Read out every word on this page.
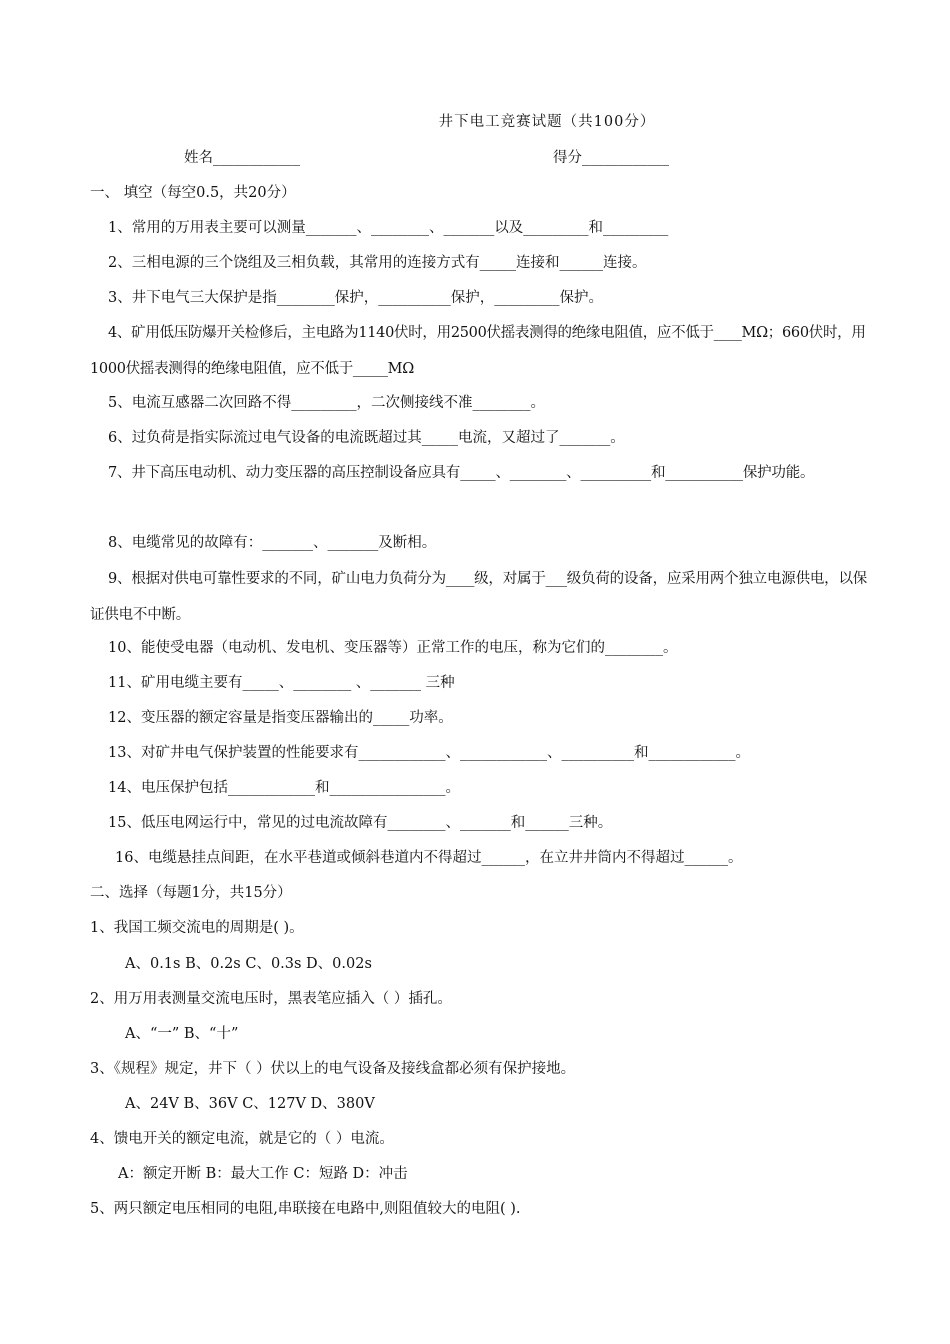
井下电工竞赛试题（共100分）
姓名____________	得分____________
一、 填空（每空0.5，共20分）
1、常用的万用表主要可以测量_______、________、_______以及_________和_________
2、三相电源的三个饶组及三相负载，其常用的连接方式有_____连接和______连接。
3、井下电气三大保护是指________保护，__________保护，_________保护。
4、矿用低压防爆开关检修后，主电路为1140伏时，用2500伏摇表测得的绝缘电阻值，应不低于____MΩ；660伏时，用1000伏摇表测得的绝缘电阻值，应不低于_____MΩ
5、电流互感器二次回路不得_________，二次侧接线不准________。
6、过负荷是指实际流过电气设备的电流既超过其_____电流，又超过了_______。
7、井下高压电动机、动力变压器的高压控制设备应具有_____、________、__________和___________保护功能。
8、电缆常见的故障有：_______、_______及断相。
9、根据对供电可靠性要求的不同，矿山电力负荷分为____级，对属于___级负荷的设备，应采用两个独立电源供电，以保证供电不中断。
10、能使受电器（电动机、发电机、变压器等）正常工作的电压，称为它们的________。
11、矿用电缆主要有_____、________ 、_______ 三种
12、变压器的额定容量是指变压器输出的_____功率。
13、对矿井电气保护装置的性能要求有____________、____________、__________和____________。
14、电压保护包括____________和________________。
15、低压电网运行中，常见的过电流故障有________、_______和______三种。
16、电缆悬挂点间距，在水平巷道或倾斜巷道内不得超过______，在立井井筒内不得超过______。
二、选择（每题1分，共15分）
1、我国工频交流电的周期是( )。
A、0.1s B、0.2s C、0.3s D、0.02s
2、用万用表测量交流电压时，黑表笔应插入（ ）插孔。
A、“一” B、“十”
3、《规程》规定，井下（ ）伏以上的电气设备及接线盒都必须有保护接地。
A、24V B、36V C、127V D、380V
4、馈电开关的额定电流，就是它的（ ）电流。
A：额定开断 B：最大工作 C：短路 D：冲击
5、两只额定电压相同的电阻,串联接在电路中,则阻值较大的电阻( ).
